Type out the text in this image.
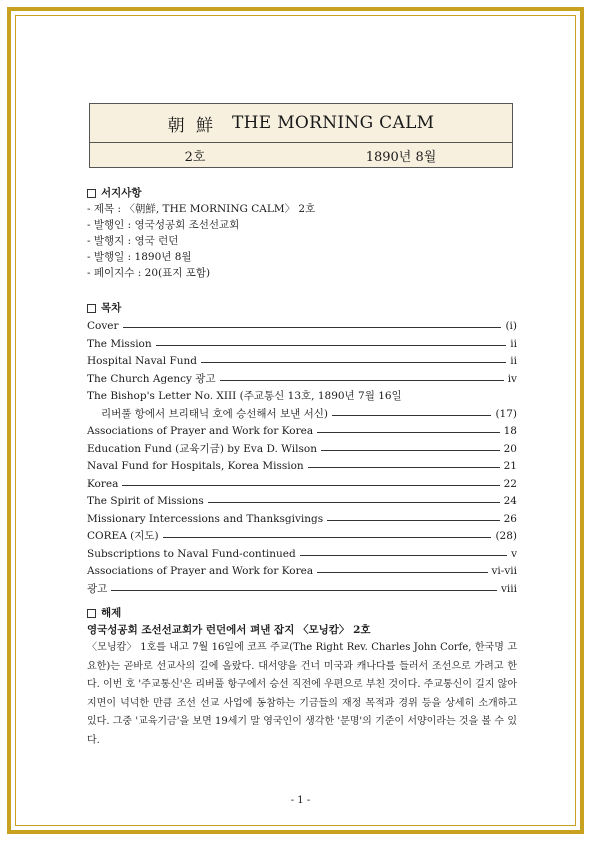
朝 鮮 THE MORNING CALM
2호	1890년 8월
서지사항
- 제목 : 〈朝鮮, THE MORNING CALM〉 2호
- 발행인 : 영국성공회 조선선교회
- 발행지 : 영국 런던
- 발행일 : 1890년 8월
- 페이지수 : 20(표지 포함)
목차
Cover	(i)
The Mission	ii
Hospital Naval Fund	ii
The Church Agency 광고	iv
The Bishop's Letter No. XIII (주교통신 13호, 1890년 7월 16일
리버풀 항에서 브리태닉 호에 승선해서 보낸 서신)	(17)
Associations of Prayer and Work for Korea	18
Education Fund (교육기금) by Eva D. Wilson	20
Naval Fund for Hospitals, Korea Mission	21
Korea	22
The Spirit of Missions	24
Missionary Intercessions and Thanksgivings	26
COREA (지도)	(28)
Subscriptions to Naval Fund-continued	v
Associations of Prayer and Work for Korea	vi-vii
광고	viii
해제
영국성공회 조선선교회가 런던에서 펴낸 잡지 〈모닝캄〉 2호
〈모닝캄〉 1호를 내고 7월 16일에 코프 주교(The Right Rev. Charles John Corfe, 한국명 고요한)는 곧바로 선교사의 길에 올랐다. 대서양을 건너 미국과 캐나다를 들러서 조선으로 가려고 한다. 이번 호 '주교통신'은 리버풀 항구에서 승선 직전에 우편으로 부친 것이다. 주교통신이 길지 않아 지면이 넉넉한 만큼 조선 선교 사업에 동참하는 기금들의 재정 목적과 경위 등을 상세히 소개하고 있다. 그중 '교육기금'을 보면 19세기 말 영국인이 생각한 '문명'의 기준이 서양이라는 것을 볼 수 있다.
- 1 -
